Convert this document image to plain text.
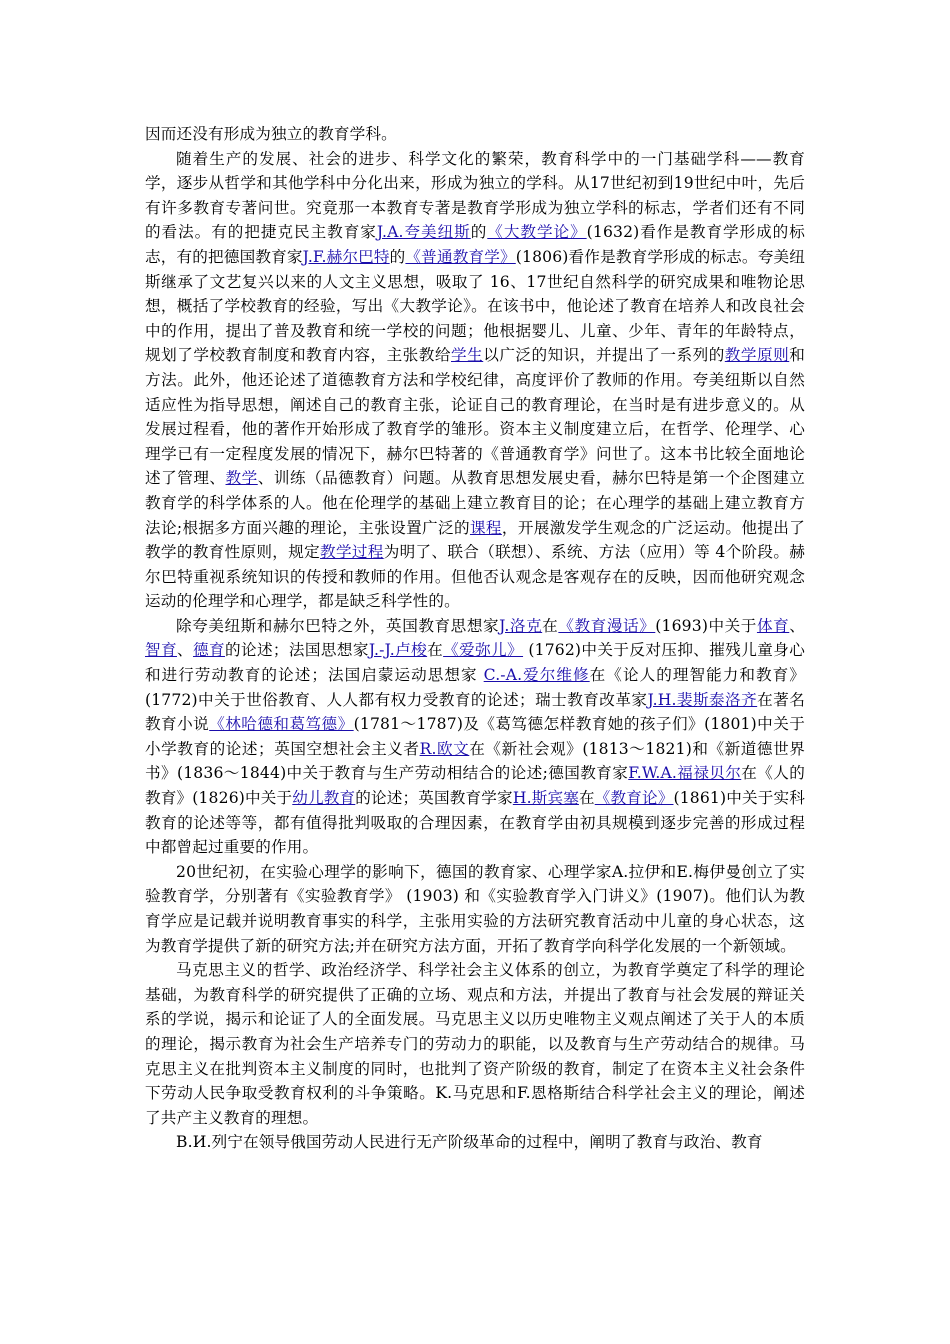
因而还没有形成为独立的教育学科。

随着生产的发展、社会的进步、科学文化的繁荣，教育科学中的一门基础学科——教育学，逐步从哲学和其他学科中分化出来，形成为独立的学科。从17世纪初到19世纪中叶，先后有许多教育专著问世。究竟那一本教育专著是教育学形成为独立学科的标志，学者们还有不同的看法。有的把捷克民主教育家J.A.夸美纽斯的《大教学论》(1632)看作是教育学形成的标志，有的把德国教育家J.F.赫尔巴特的《普通教育学》(1806)看作是教育学形成的标志。夸美纽斯继承了文艺复兴以来的人文主义思想，吸取了 16、17世纪自然科学的研究成果和唯物论思想，概括了学校教育的经验，写出《大教学论》。在该书中，他论述了教育在培养人和改良社会中的作用，提出了普及教育和统一学校的问题；他根据婴儿、儿童、少年、青年的年龄特点，规划了学校教育制度和教育内容，主张教给学生以广泛的知识，并提出了一系列的教学原则和方法。此外，他还论述了道德教育方法和学校纪律，高度评价了教师的作用。夸美纽斯以自然适应性为指导思想，阐述自己的教育主张，论证自己的教育理论，在当时是有进步意义的。从发展过程看，他的著作开始形成了教育学的雏形。资本主义制度建立后，在哲学、伦理学、心理学已有一定程度发展的情况下，赫尔巴特著的《普通教育学》问世了。这本书比较全面地论述了管理、教学、训练（品德教育）问题。从教育思想发展史看，赫尔巴特是第一个企图建立教育学的科学体系的人。他在伦理学的基础上建立教育目的论；在心理学的基础上建立教育方法论;根据多方面兴趣的理论，主张设置广泛的课程，开展激发学生观念的广泛运动。他提出了教学的教育性原则，规定教学过程为明了、联合（联想）、系统、方法（应用）等 4个阶段。赫尔巴特重视系统知识的传授和教师的作用。但他否认观念是客观存在的反映，因而他研究观念运动的伦理学和心理学，都是缺乏科学性的。

除夸美纽斯和赫尔巴特之外，英国教育思想家J.洛克在《教育漫话》(1693)中关于体育、智育、德育的论述；法国思想家J.-J.卢梭在《爱弥儿》 (1762)中关于反对压抑、摧残儿童身心和进行劳动教育的论述；法国启蒙运动思想家 C.-A.爱尔维修在《论人的理智能力和教育》(1772)中关于世俗教育、人人都有权力受教育的论述；瑞士教育改革家J.H.裴斯泰洛齐在著名教育小说《林哈德和葛笃德》(1781～1787)及《葛笃德怎样教育她的孩子们》(1801)中关于小学教育的论述；英国空想社会主义者R.欧文在《新社会观》(1813～1821)和《新道德世界书》(1836～1844)中关于教育与生产劳动相结合的论述;德国教育家F.W.A.福禄贝尔在《人的教育》(1826)中关于幼儿教育的论述；英国教育学家H.斯宾塞在《教育论》(1861)中关于实科教育的论述等等，都有值得批判吸取的合理因素，在教育学由初具规模到逐步完善的形成过程中都曾起过重要的作用。

20世纪初，在实验心理学的影响下，德国的教育家、心理学家A.拉伊和E.梅伊曼创立了实验教育学，分别著有《实验教育学》 (1903) 和《实验教育学入门讲义》(1907)。他们认为教育学应是记载并说明教育事实的科学，主张用实验的方法研究教育活动中儿童的身心状态，这为教育学提供了新的研究方法;并在研究方法方面，开拓了教育学向科学化发展的一个新领域。

马克思主义的哲学、政治经济学、科学社会主义体系的创立，为教育学奠定了科学的理论基础，为教育科学的研究提供了正确的立场、观点和方法，并提出了教育与社会发展的辩证关系的学说，揭示和论证了人的全面发展。马克思主义以历史唯物主义观点阐述了关于人的本质的理论，揭示教育为社会生产培养专门的劳动力的职能，以及教育与生产劳动结合的规律。马克思主义在批判资本主义制度的同时，也批判了资产阶级的教育，制定了在资本主义社会条件下劳动人民争取受教育权利的斗争策略。K.马克思和F.恩格斯结合科学社会主义的理论，阐述了共产主义教育的理想。

B.И.列宁在领导俄国劳动人民进行无产阶级革命的过程中，阐明了教育与政治、教育
